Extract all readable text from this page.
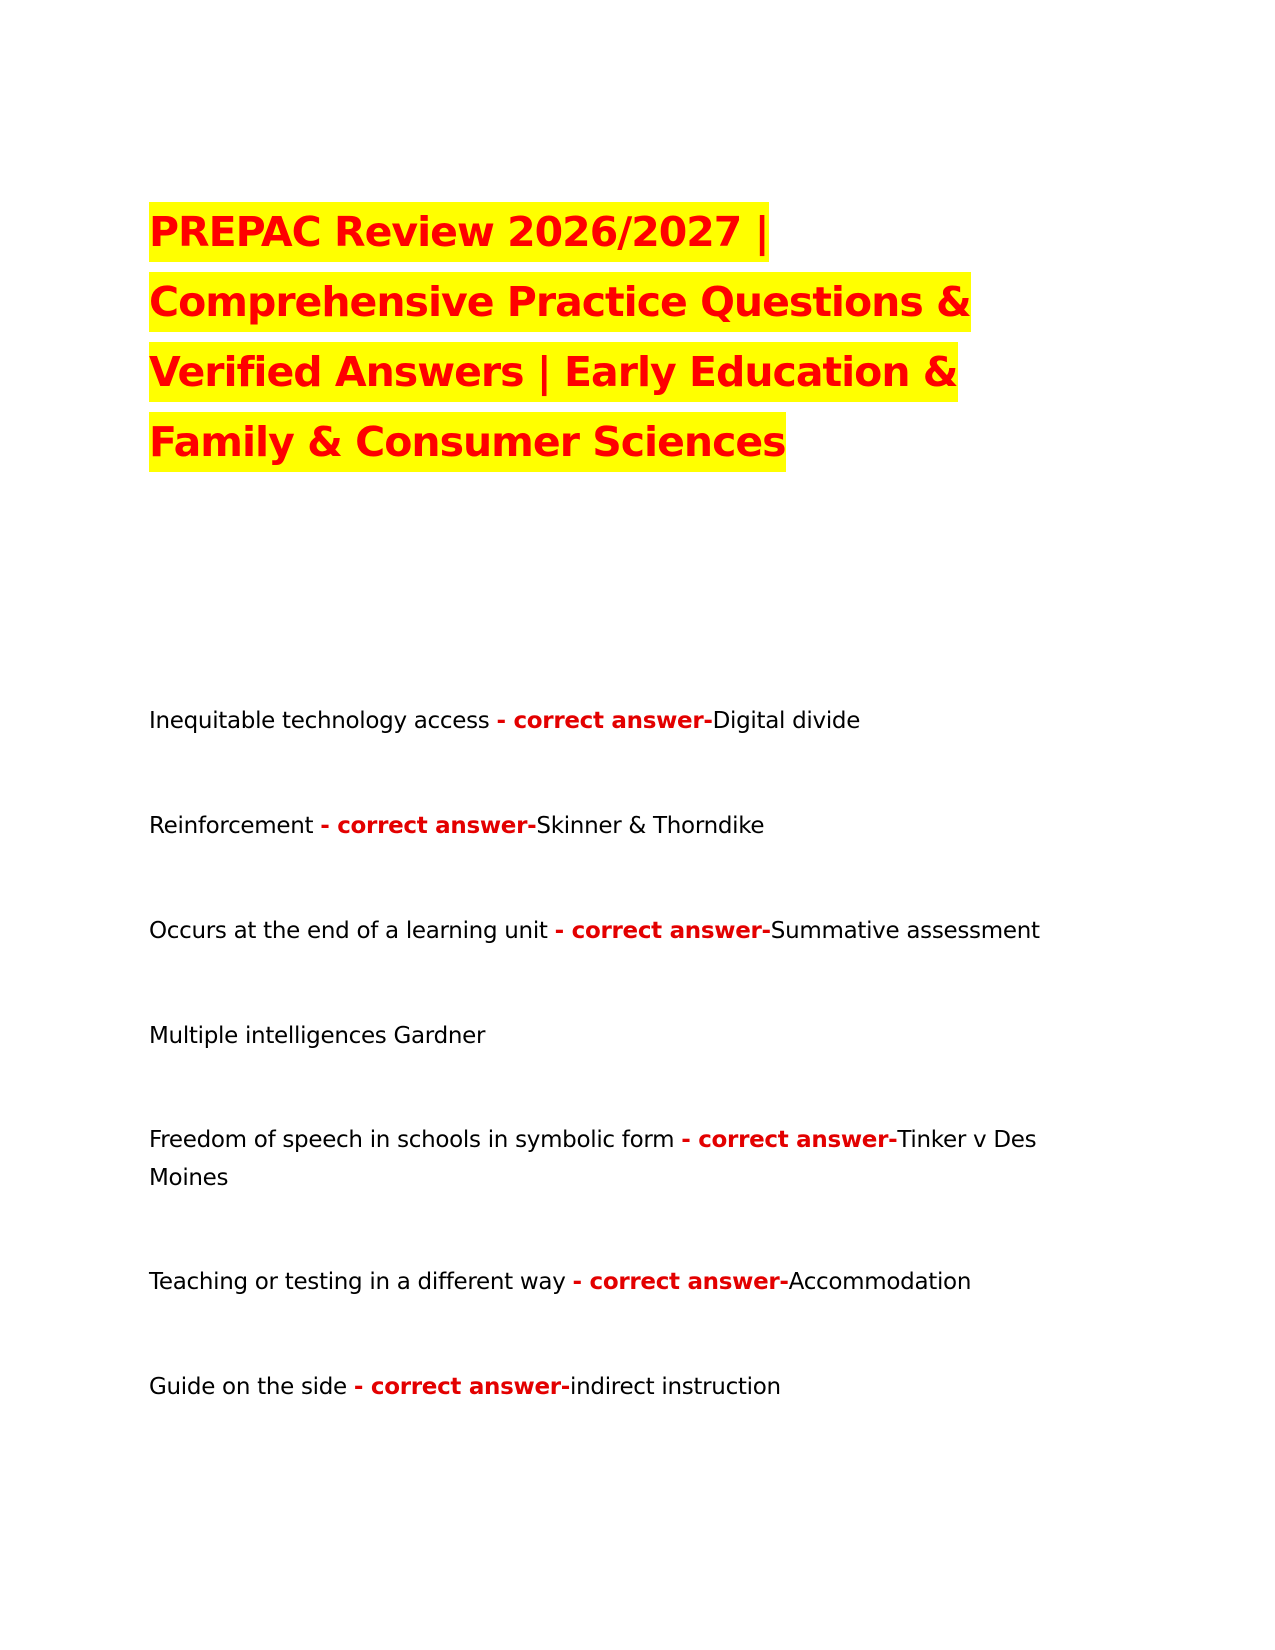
PREPAC Review 2026/2027 |
Comprehensive Practice Questions &
Verified Answers | Early Education &
Family & Consumer Sciences
Inequitable technology access - correct answer-Digital divide
Reinforcement - correct answer-Skinner & Thorndike
Occurs at the end of a learning unit - correct answer-Summative assessment
Multiple intelligences Gardner
Freedom of speech in schools in symbolic form - correct answer-Tinker v Des Moines
Teaching or testing in a different way - correct answer-Accommodation
Guide on the side - correct answer-indirect instruction
